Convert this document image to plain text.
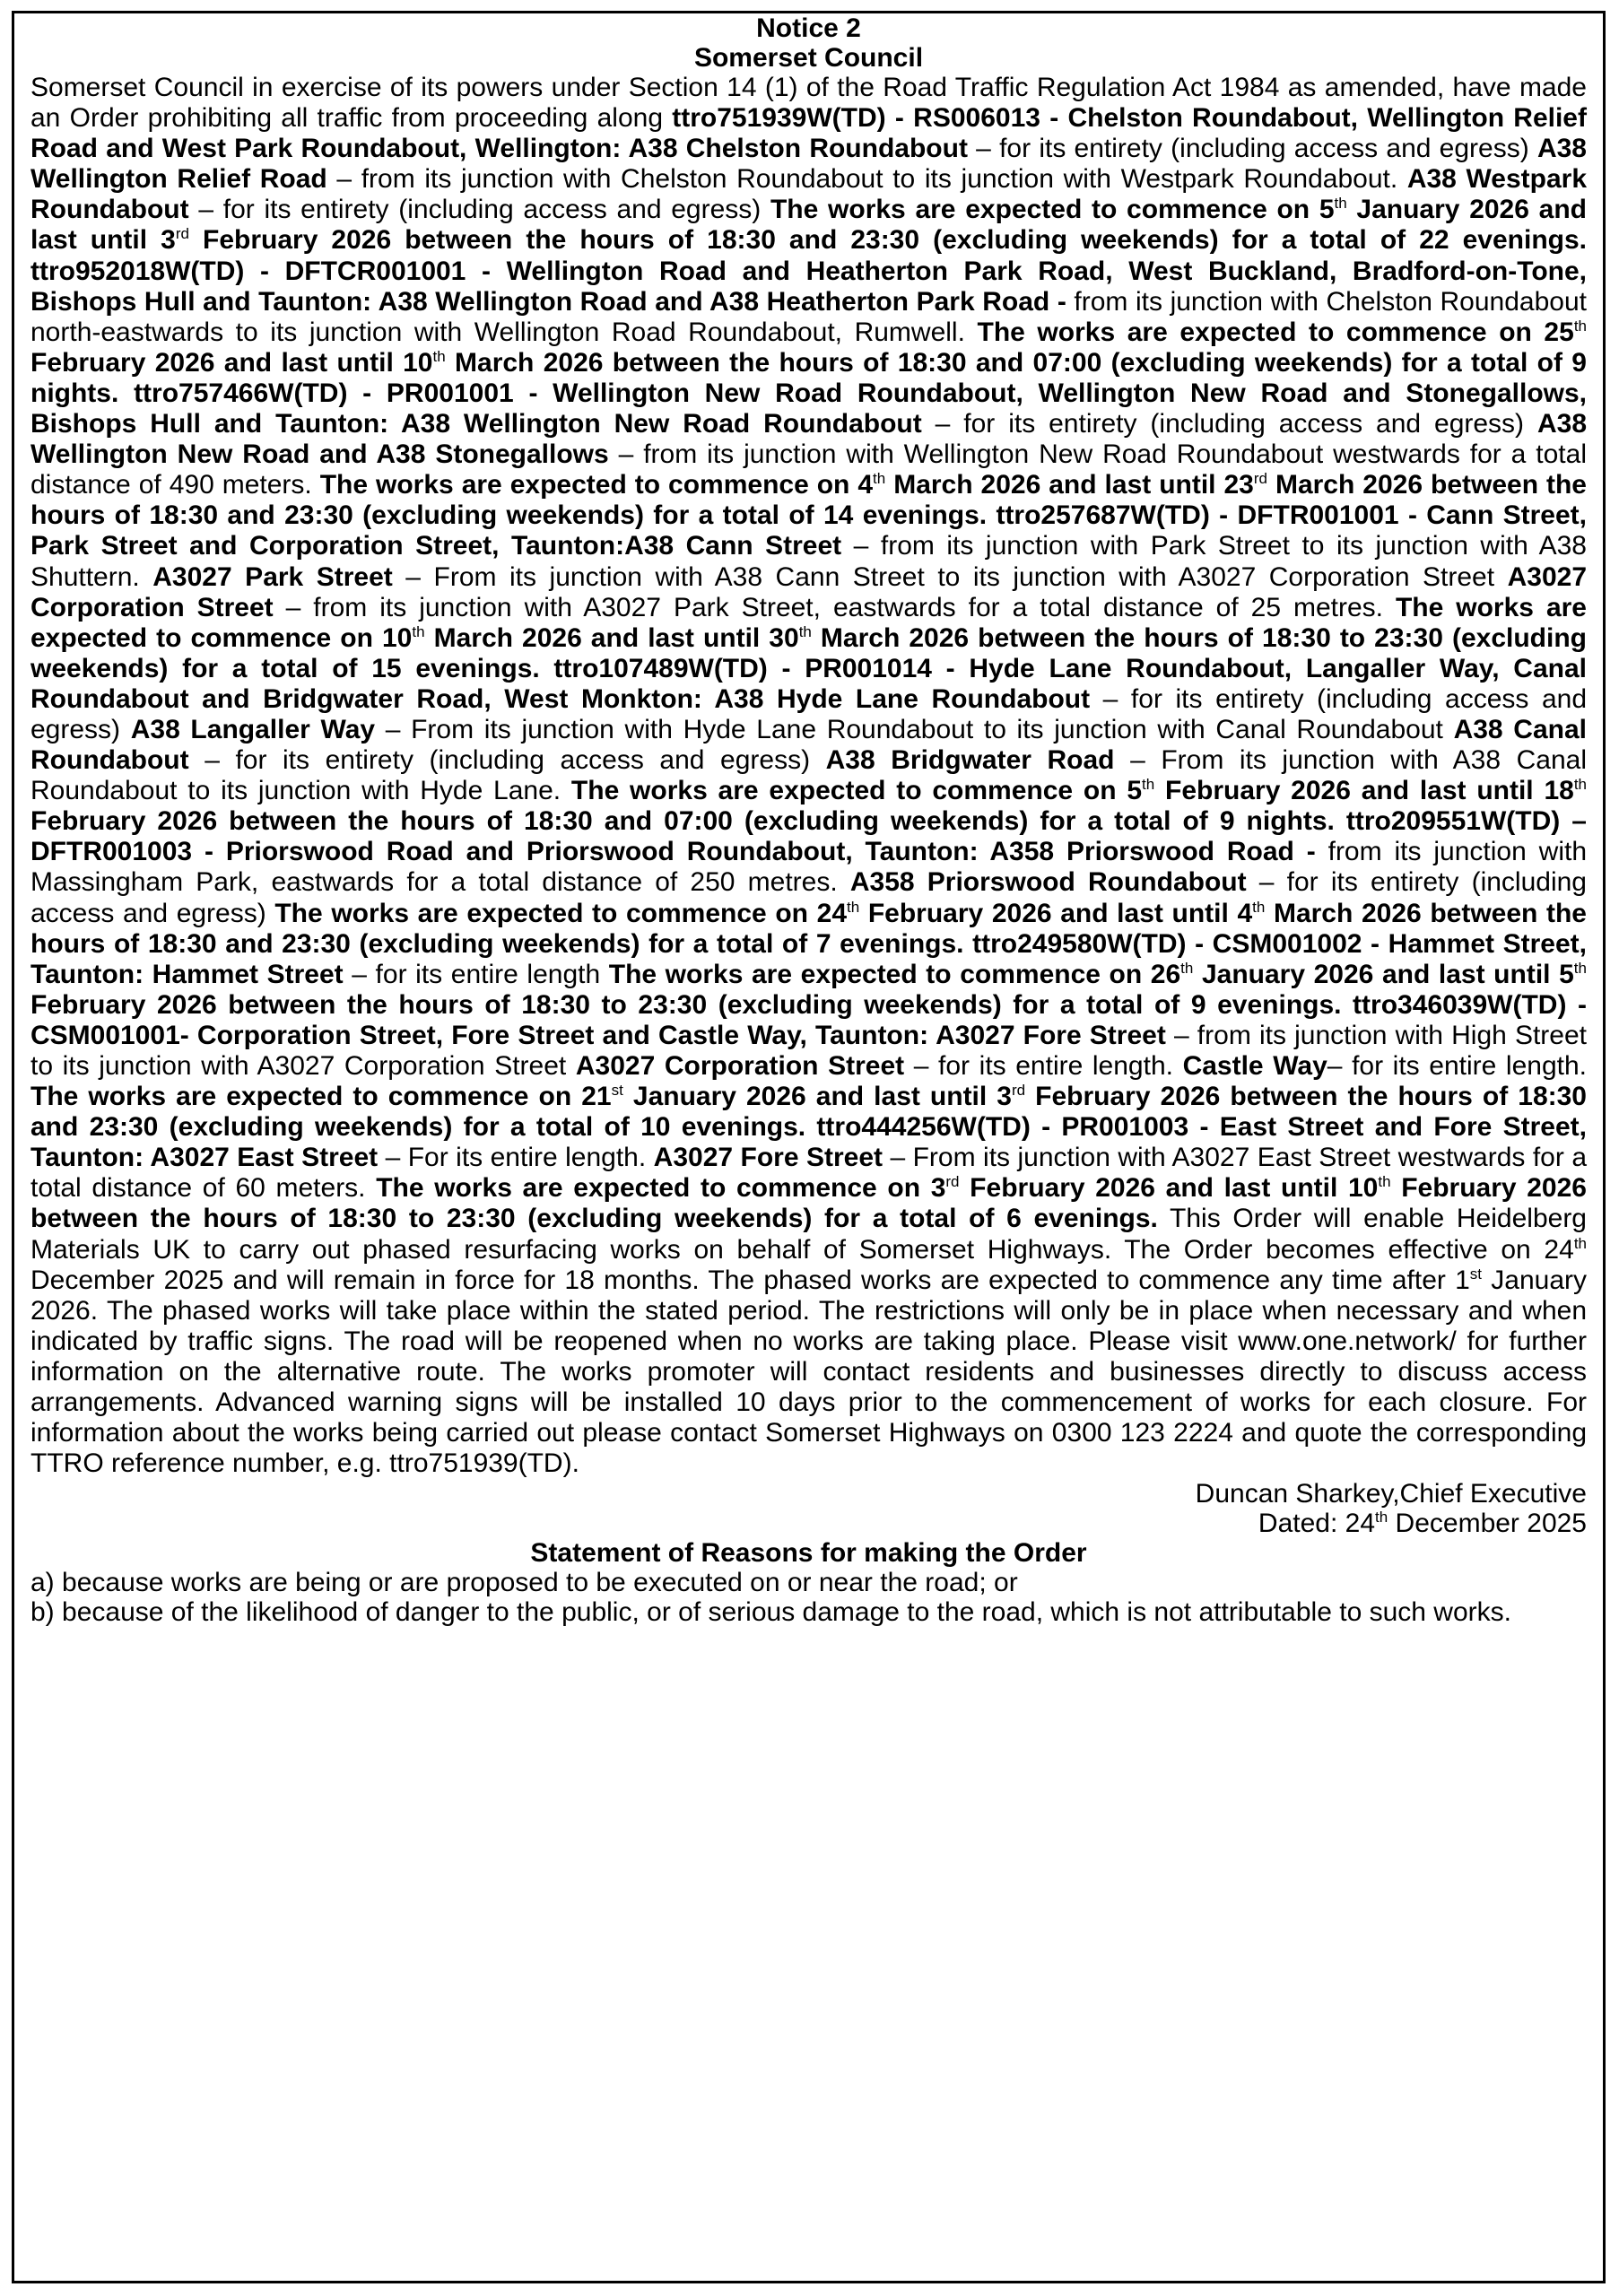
Notice 2

Somerset Council

Somerset Council in exercise of its powers under Section 14 (1) of the Road Traffic Regulation Act 1984 as amended, have made an Order prohibiting all traffic from proceeding along ttro751939W(TD) - RS006013 - Chelston Roundabout, Wellington Relief Road and West Park Roundabout, Wellington: A38 Chelston Roundabout – for its entirety (including access and egress) A38 Wellington Relief Road – from its junction with Chelston Roundabout to its junction with Westpark Roundabout. A38 Westpark Roundabout – for its entirety (including access and egress) The works are expected to commence on 5th January 2026 and last until 3rd February 2026 between the hours of 18:30 and 23:30 (excluding weekends) for a total of 22 evenings. ttro952018W(TD) - DFTCR001001 - Wellington Road and Heatherton Park Road, West Buckland, Bradford-on-Tone, Bishops Hull and Taunton: A38 Wellington Road and A38 Heatherton Park Road - from its junction with Chelston Roundabout north-eastwards to its junction with Wellington Road Roundabout, Rumwell. The works are expected to commence on 25th February 2026 and last until 10th March 2026 between the hours of 18:30 and 07:00 (excluding weekends) for a total of 9 nights. ttro757466W(TD) - PR001001 - Wellington New Road Roundabout, Wellington New Road and Stonegallows, Bishops Hull and Taunton: A38 Wellington New Road Roundabout – for its entirety (including access and egress) A38 Wellington New Road and A38 Stonegallows – from its junction with Wellington New Road Roundabout westwards for a total distance of 490 meters. The works are expected to commence on 4th March 2026 and last until 23rd March 2026 between the hours of 18:30 and 23:30 (excluding weekends) for a total of 14 evenings. ttro257687W(TD) - DFTR001001 - Cann Street, Park Street and Corporation Street, Taunton:A38 Cann Street – from its junction with Park Street to its junction with A38 Shuttern. A3027 Park Street – From its junction with A38 Cann Street to its junction with A3027 Corporation Street A3027 Corporation Street – from its junction with A3027 Park Street, eastwards for a total distance of 25 metres. The works are expected to commence on 10th March 2026 and last until 30th March 2026 between the hours of 18:30 to 23:30 (excluding weekends) for a total of 15 evenings. ttro107489W(TD) - PR001014 - Hyde Lane Roundabout, Langaller Way, Canal Roundabout and Bridgwater Road, West Monkton: A38 Hyde Lane Roundabout – for its entirety (including access and egress) A38 Langaller Way – From its junction with Hyde Lane Roundabout to its junction with Canal Roundabout A38 Canal Roundabout – for its entirety (including access and egress) A38 Bridgwater Road – From its junction with A38 Canal Roundabout to its junction with Hyde Lane. The works are expected to commence on 5th February 2026 and last until 18th February 2026 between the hours of 18:30 and 07:00 (excluding weekends) for a total of 9 nights. ttro209551W(TD) – DFTR001003 - Priorswood Road and Priorswood Roundabout, Taunton: A358 Priorswood Road - from its junction with Massingham Park, eastwards for a total distance of 250 metres. A358 Priorswood Roundabout – for its entirety (including access and egress) The works are expected to commence on 24th February 2026 and last until 4th March 2026 between the hours of 18:30 and 23:30 (excluding weekends) for a total of 7 evenings. ttro249580W(TD) - CSM001002 - Hammet Street, Taunton: Hammet Street – for its entire length The works are expected to commence on 26th January 2026 and last until 5th February 2026 between the hours of 18:30 to 23:30 (excluding weekends) for a total of 9 evenings. ttro346039W(TD) - CSM001001- Corporation Street, Fore Street and Castle Way, Taunton: A3027 Fore Street – from its junction with High Street to its junction with A3027 Corporation Street A3027 Corporation Street – for its entire length. Castle Way– for its entire length. The works are expected to commence on 21st January 2026 and last until 3rd February 2026 between the hours of 18:30 and 23:30 (excluding weekends) for a total of 10 evenings. ttro444256W(TD) - PR001003 - East Street and Fore Street, Taunton: A3027 East Street – For its entire length. A3027 Fore Street – From its junction with A3027 East Street westwards for a total distance of 60 meters. The works are expected to commence on 3rd February 2026 and last until 10th February 2026 between the hours of 18:30 to 23:30 (excluding weekends) for a total of 6 evenings. This Order will enable Heidelberg Materials UK to carry out phased resurfacing works on behalf of Somerset Highways. The Order becomes effective on 24th December 2025 and will remain in force for 18 months. The phased works are expected to commence any time after 1st January 2026. The phased works will take place within the stated period. The restrictions will only be in place when necessary and when indicated by traffic signs. The road will be reopened when no works are taking place. Please visit www.one.network/ for further information on the alternative route. The works promoter will contact residents and businesses directly to discuss access arrangements. Advanced warning signs will be installed 10 days prior to the commencement of works for each closure. For information about the works being carried out please contact Somerset Highways on 0300 123 2224 and quote the corresponding TTRO reference number, e.g. ttro751939(TD).

Duncan Sharkey,Chief Executive

Dated: 24th December 2025

Statement of Reasons for making the Order

a) because works are being or are proposed to be executed on or near the road; or

b) because of the likelihood of danger to the public, or of serious damage to the road, which is not attributable to such works.
